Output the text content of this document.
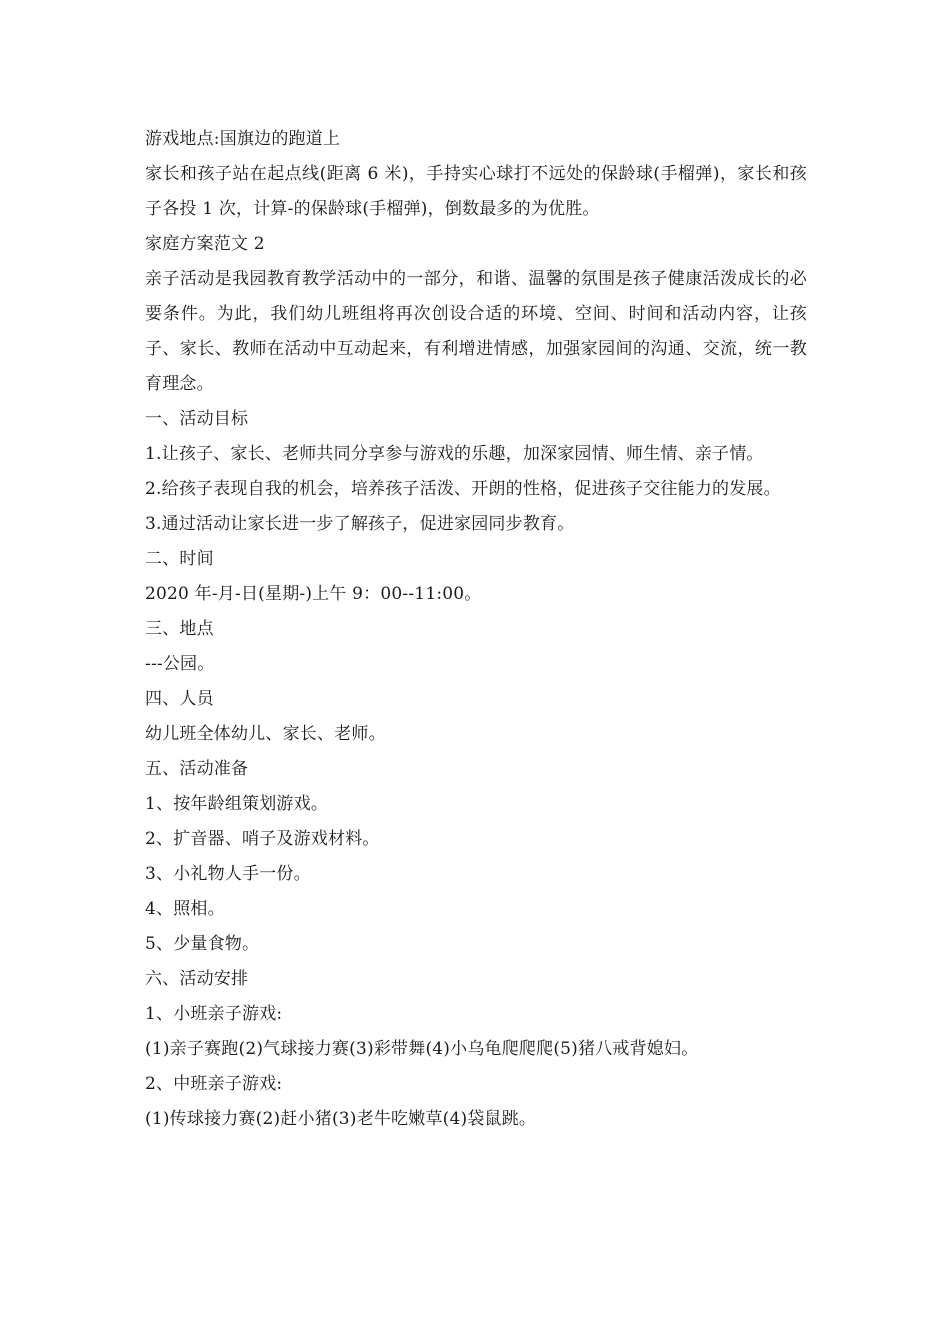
游戏地点:国旗边的跑道上

家长和孩子站在起点线(距离 6 米)，手持实心球打不远处的保龄球(手榴弹)，家长和孩子各投 1 次，计算-的保龄球(手榴弹)，倒数最多的为优胜。

家庭方案范文 2

亲子活动是我园教育教学活动中的一部分，和谐、温馨的氛围是孩子健康活泼成长的必要条件。为此，我们幼儿班组将再次创设合适的环境、空间、时间和活动内容，让孩子、家长、教师在活动中互动起来，有利增进情感，加强家园间的沟通、交流，统一教育理念。

一、活动目标

1.让孩子、家长、老师共同分享参与游戏的乐趣，加深家园情、师生情、亲子情。

2.给孩子表现自我的机会，培养孩子活泼、开朗的性格，促进孩子交往能力的发展。

3.通过活动让家长进一步了解孩子，促进家园同步教育。

二、时间

2020 年-月-日(星期-)上午 9：00--11:00。

三、地点

---公园。

四、人员

幼儿班全体幼儿、家长、老师。

五、活动准备

1、按年龄组策划游戏。

2、扩音器、哨子及游戏材料。

3、小礼物人手一份。

4、照相。

5、少量食物。

六、活动安排

1、小班亲子游戏:

(1)亲子赛跑(2)气球接力赛(3)彩带舞(4)小乌龟爬爬爬(5)猪八戒背媳妇。

2、中班亲子游戏:

(1)传球接力赛(2)赶小猪(3)老牛吃嫩草(4)袋鼠跳。
